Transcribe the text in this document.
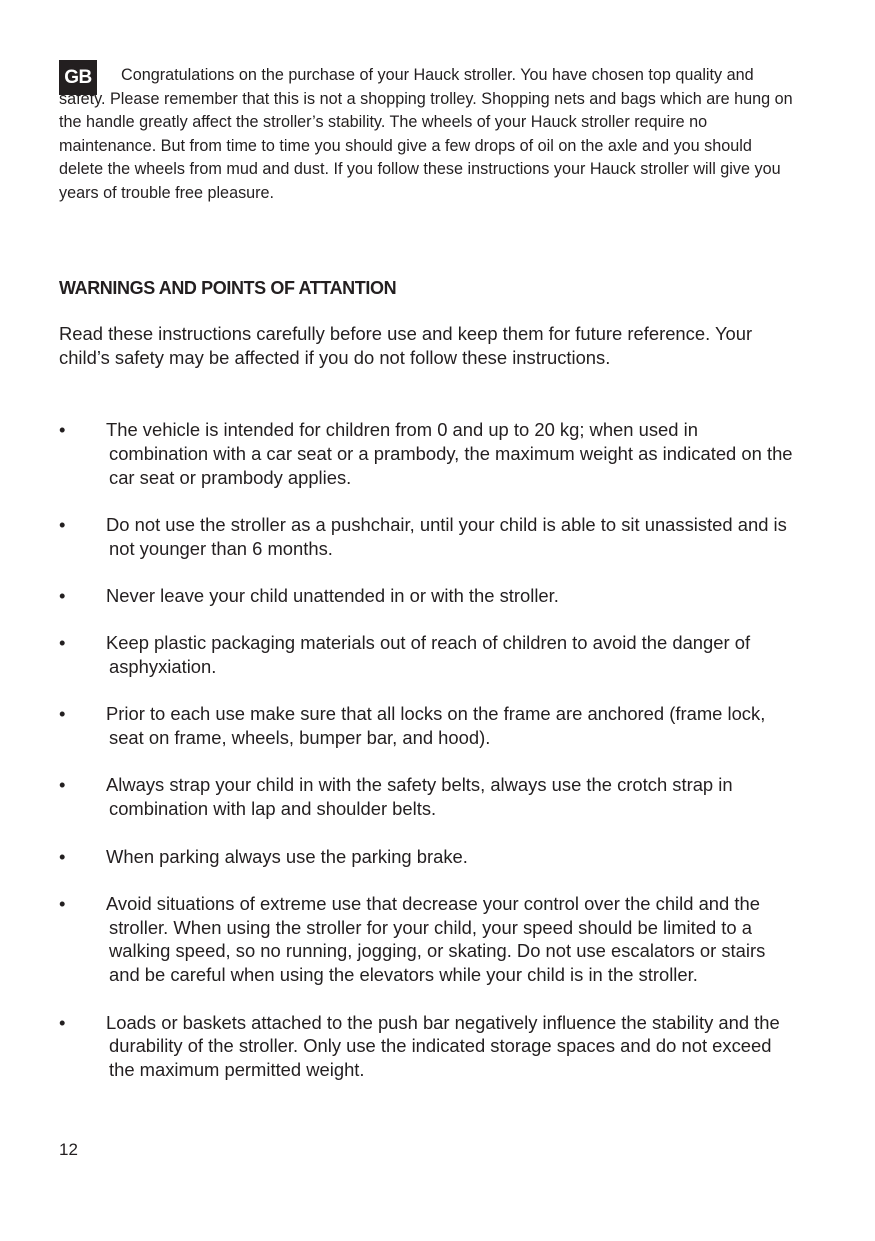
GB	Congratulations on the purchase of your Hauck stroller. You have chosen top quality and safety. Please remember that this is not a shopping trolley. Shopping nets and bags which are hung on the handle greatly affect the stroller’s stability. The wheels of your Hauck stroller require no maintenance. But from time to time you should give a few drops of oil on the axle and you should delete the wheels from mud and dust. If you follow these instructions your Hauck stroller will give you years of trouble free pleasure.

WARNINGS AND POINTS OF ATTANTION

Read these instructions carefully before use and keep them for future reference. Your child’s safety may be affected if you do not follow these instructions.

• The vehicle is intended for children from 0 and up to 20 kg; when used in combination with a car seat or a prambody, the maximum weight as indicated on the car seat or prambody applies.
• Do not use the stroller as a pushchair, until your child is able to sit unassisted and is not younger than 6 months.
• Never leave your child unattended in or with the stroller.
• Keep plastic packaging materials out of reach of children to avoid the danger of asphyxiation.
• Prior to each use make sure that all locks on the frame are anchored (frame lock, seat on frame, wheels, bumper bar, and hood).
• Always strap your child in with the safety belts, always use the crotch strap in combination with lap and shoulder belts.
• When parking always use the parking brake.
• Avoid situations of extreme use that decrease your control over the child and the stroller. When using the stroller for your child, your speed should be limited to a walking speed, so no running, jogging, or skating. Do not use escalators or stairs and be careful when using the elevators while your child is in the stroller.
• Loads or baskets attached to the push bar negatively influence the stability and the durability of the stroller. Only use the indicated storage spaces and do not exceed the maximum permitted weight.

12
